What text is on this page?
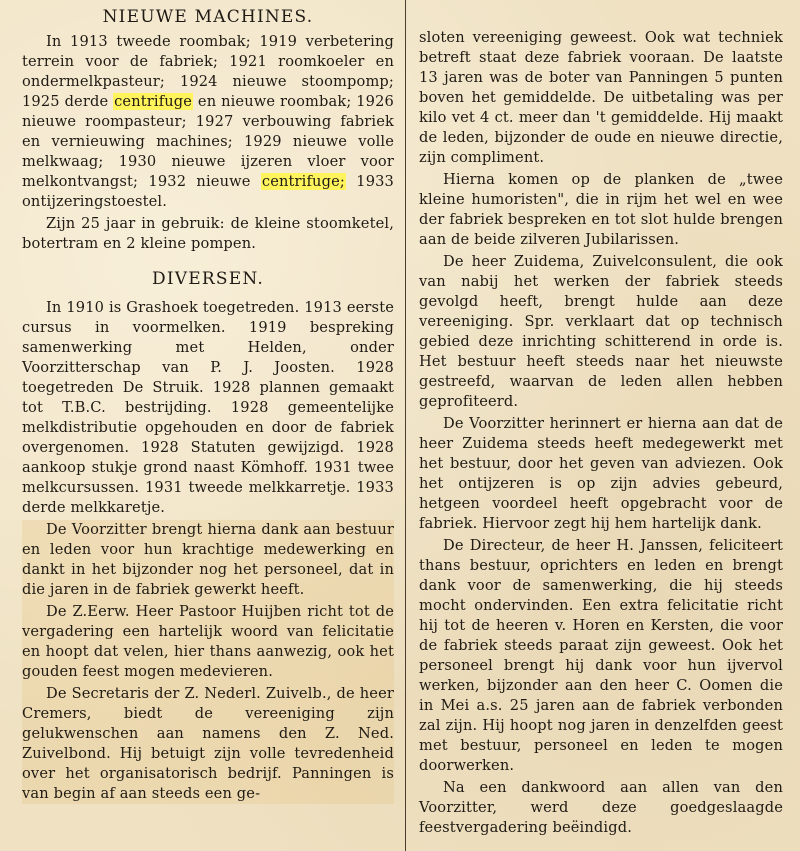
NIEUWE MACHINES.

In 1913 tweede roombak; 1919 verbetering terrein voor de fabriek; 1921 roomkoeler en ondermelkpasteur; 1924 nieuwe stoompomp; 1925 derde centrifuge en nieuwe roombak; 1926 nieuwe roompasteur; 1927 verbouwing fabriek en vernieuwing machines; 1929 nieuwe volle melkwaag; 1930 nieuwe ijzeren vloer voor melkontvangst; 1932 nieuwe centrifuge; 1933 ontijzeringstoestel.

Zijn 25 jaar in gebruik: de kleine stoomketel, botertram en 2 kleine pompen.

DIVERSEN.

In 1910 is Grashoek toegetreden. 1913 eerste cursus in voormelken. 1919 bespreking samenwerking met Helden, onder Voorzitterschap van P. J. Joosten. 1928 toegetreden De Struik. 1928 plannen gemaakt tot T.B.C. bestrijding. 1928 gemeentelijke melkdistributie opgehouden en door de fabriek overgenomen. 1928 Statuten gewijzigd. 1928 aankoop stukje grond naast Kömhoff. 1931 twee melkcursussen. 1931 tweede melkkarretje. 1933 derde melkkaretje.

De Voorzitter brengt hierna dank aan bestuur en leden voor hun krachtige medewerking en dankt in het bijzonder nog het personeel, dat in die jaren in de fabriek gewerkt heeft.

De Z.Eerw. Heer Pastoor Huijben richt tot de vergadering een hartelijk woord van felicitatie en hoopt dat velen, hier thans aanwezig, ook het gouden feest mogen medevieren.

De Secretaris der Z. Nederl. Zuivelb., de heer Cremers, biedt de vereeniging zijn gelukwenschen aan namens den Z. Ned. Zuivelbond. Hij betuigt zijn volle tevredenheid over het organisatorisch bedrijf. Panningen is van begin af aan steeds een ge-

sloten vereeniging geweest. Ook wat techniek betreft staat deze fabriek vooraan. De laatste 13 jaren was de boter van Panningen 5 punten boven het gemiddelde. De uitbetaling was per kilo vet 4 ct. meer dan 't gemiddelde. Hij maakt de leden, bijzonder de oude en nieuwe directie, zijn compliment.

Hierna komen op de planken de „twee kleine humoristen", die in rijm het wel en wee der fabriek bespreken en tot slot hulde brengen aan de beide zilveren Jubilarissen.

De heer Zuidema, Zuivelconsulent, die ook van nabij het werken der fabriek steeds gevolgd heeft, brengt hulde aan deze vereeniging. Spr. verklaart dat op technisch gebied deze inrichting schitterend in orde is. Het bestuur heeft steeds naar het nieuwste gestreefd, waarvan de leden allen hebben geprofiteerd.

De Voorzitter herinnert er hierna aan dat de heer Zuidema steeds heeft medegewerkt met het bestuur, door het geven van adviezen. Ook het ontijzeren is op zijn advies gebeurd, hetgeen voordeel heeft opgebracht voor de fabriek. Hiervoor zegt hij hem hartelijk dank.

De Directeur, de heer H. Janssen, feliciteert thans bestuur, oprichters en leden en brengt dank voor de samenwerking, die hij steeds mocht ondervinden. Een extra felicitatie richt hij tot de heeren v. Horen en Kersten, die voor de fabriek steeds paraat zijn geweest. Ook het personeel brengt hij dank voor hun ijvervol werken, bijzonder aan den heer C. Oomen die in Mei a.s. 25 jaren aan de fabriek verbonden zal zijn. Hij hoopt nog jaren in denzelfden geest met bestuur, personeel en leden te mogen doorwerken.

Na een dankwoord aan allen van den Voorzitter, werd deze goedgeslaagde feestvergadering beëindigd.
